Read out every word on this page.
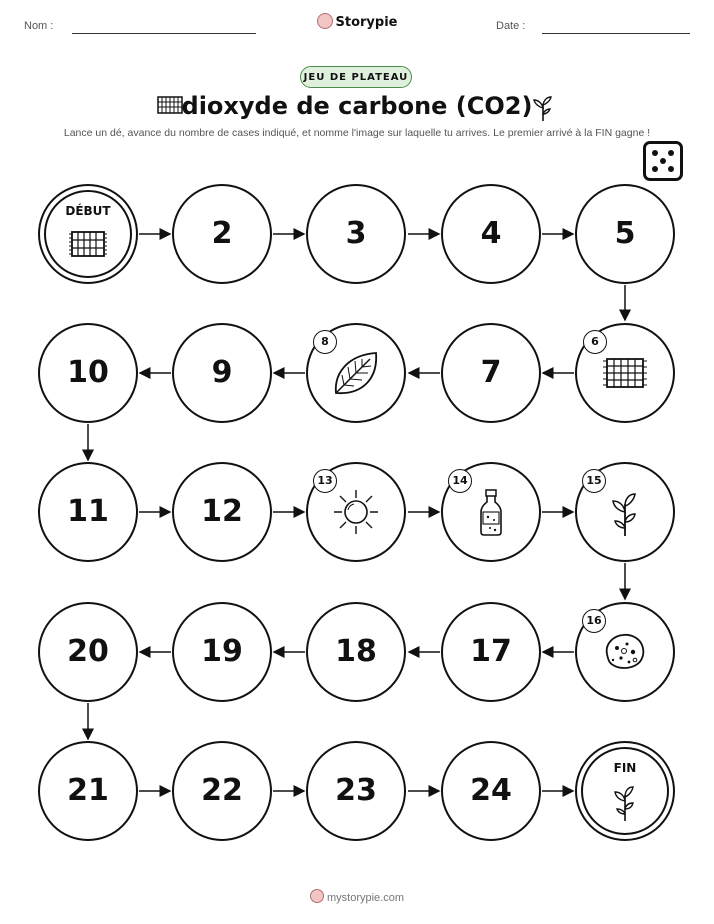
Nom :	Storypie	Date :
JEU DE PLATEAU
dioxyde de carbone (CO2)
Lance un dé, avance du nombre de cases indiqué, et nomme l'image sur laquelle tu arrives. Le premier arrivé à la FIN gagne !
DÉBUT
2	3	4	5
6
7
8
9
10
11	12
13	14	15
16
17
18
19
20
21	22	23	24
FIN
mystorypie.com
